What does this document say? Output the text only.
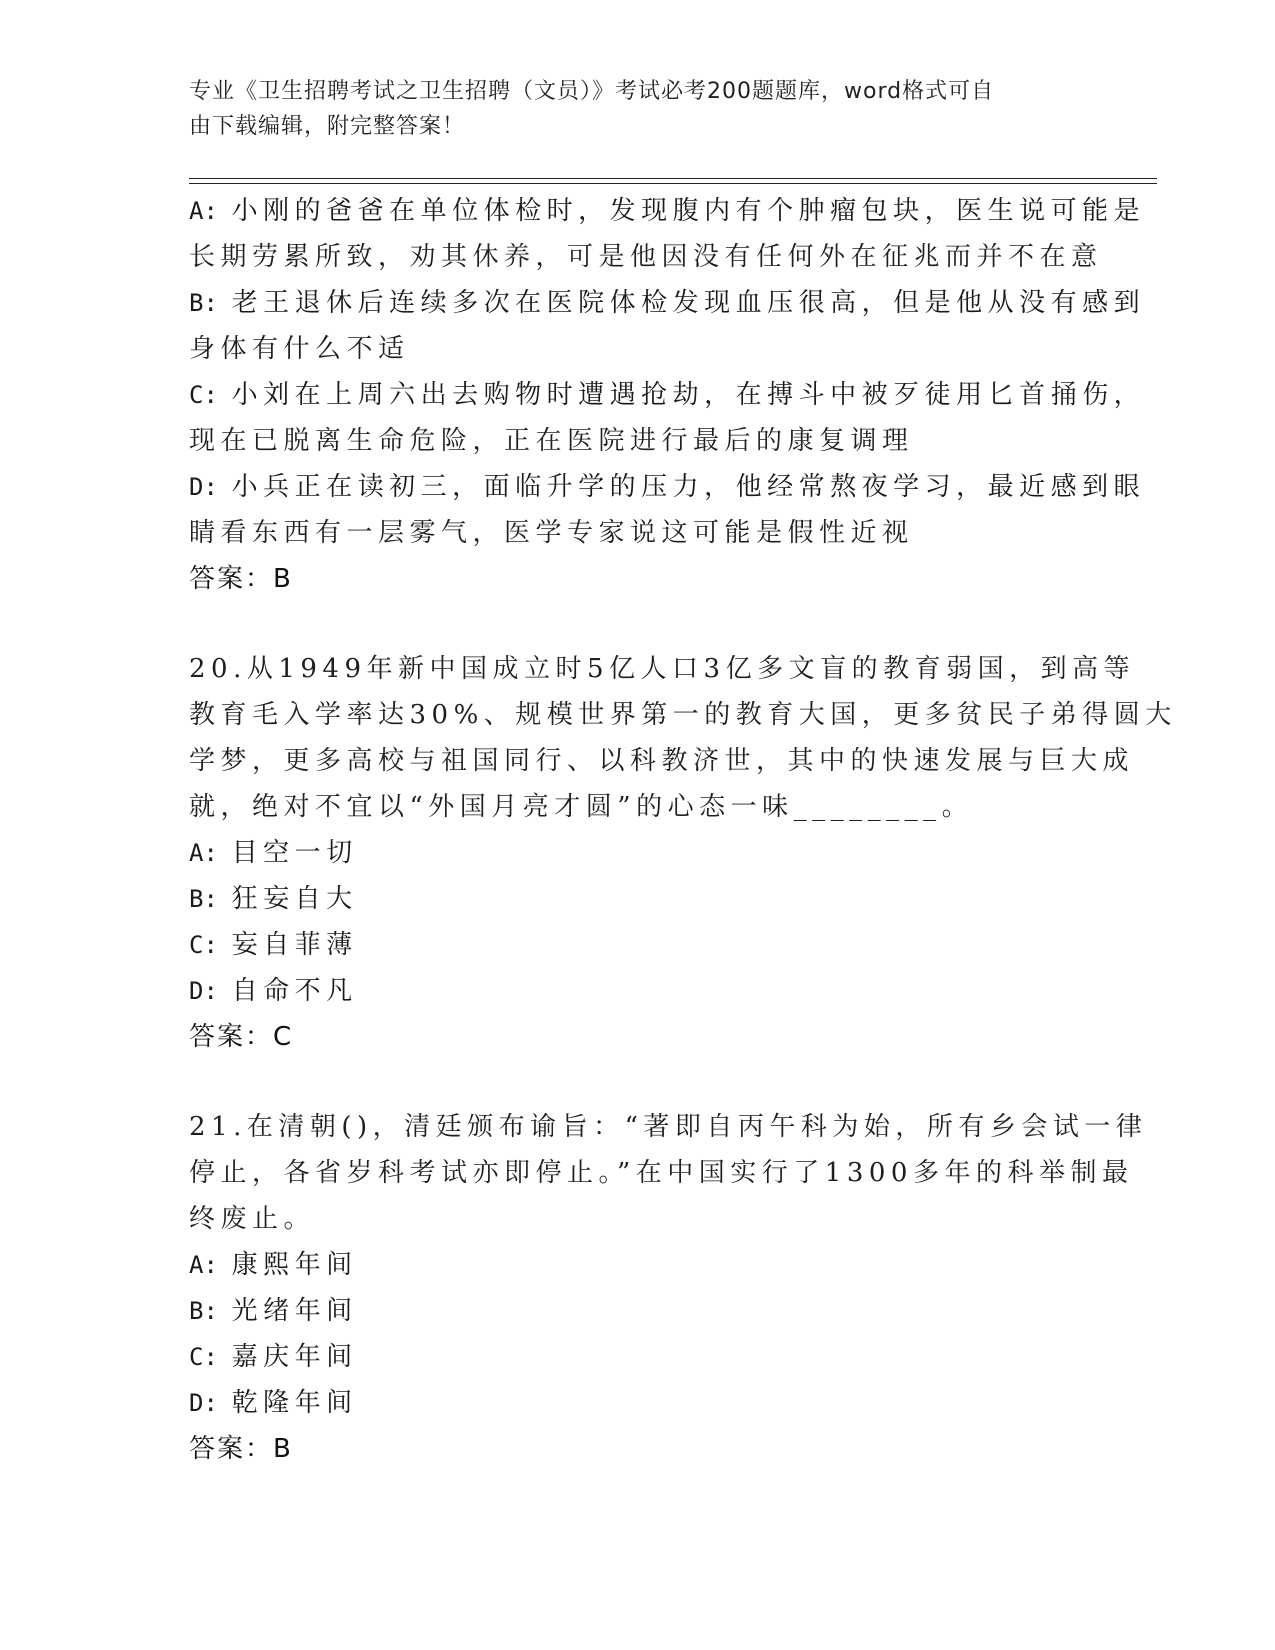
专业《卫生招聘考试之卫生招聘（文员）》考试必考200题题库，word格式可自
由下载编辑，附完整答案！
A: 小刚的爸爸在单位体检时，发现腹内有个肿瘤包块，医生说可能是
长期劳累所致，劝其休养，可是他因没有任何外在征兆而并不在意
B: 老王退休后连续多次在医院体检发现血压很高，但是他从没有感到
身体有什么不适
C: 小刘在上周六出去购物时遭遇抢劫，在搏斗中被歹徒用匕首捅伤，
现在已脱离生命危险，正在医院进行最后的康复调理
D: 小兵正在读初三，面临升学的压力，他经常熬夜学习，最近感到眼
睛看东西有一层雾气，医学专家说这可能是假性近视
答案：B
20.从1949年新中国成立时5亿人口3亿多文盲的教育弱国，到高等
教育毛入学率达30%、规模世界第一的教育大国，更多贫民子弟得圆大
学梦，更多高校与祖国同行、以科教济世，其中的快速发展与巨大成
就，绝对不宜以“外国月亮才圆”的心态一味________。
A: 目空一切
B: 狂妄自大
C: 妄自菲薄
D: 自命不凡
答案：C
21.在清朝()，清廷颁布谕旨：“著即自丙午科为始，所有乡会试一律
停止，各省岁科考试亦即停止。”在中国实行了1300多年的科举制最
终废止。
A: 康熙年间
B: 光绪年间
C: 嘉庆年间
D: 乾隆年间
答案：B
